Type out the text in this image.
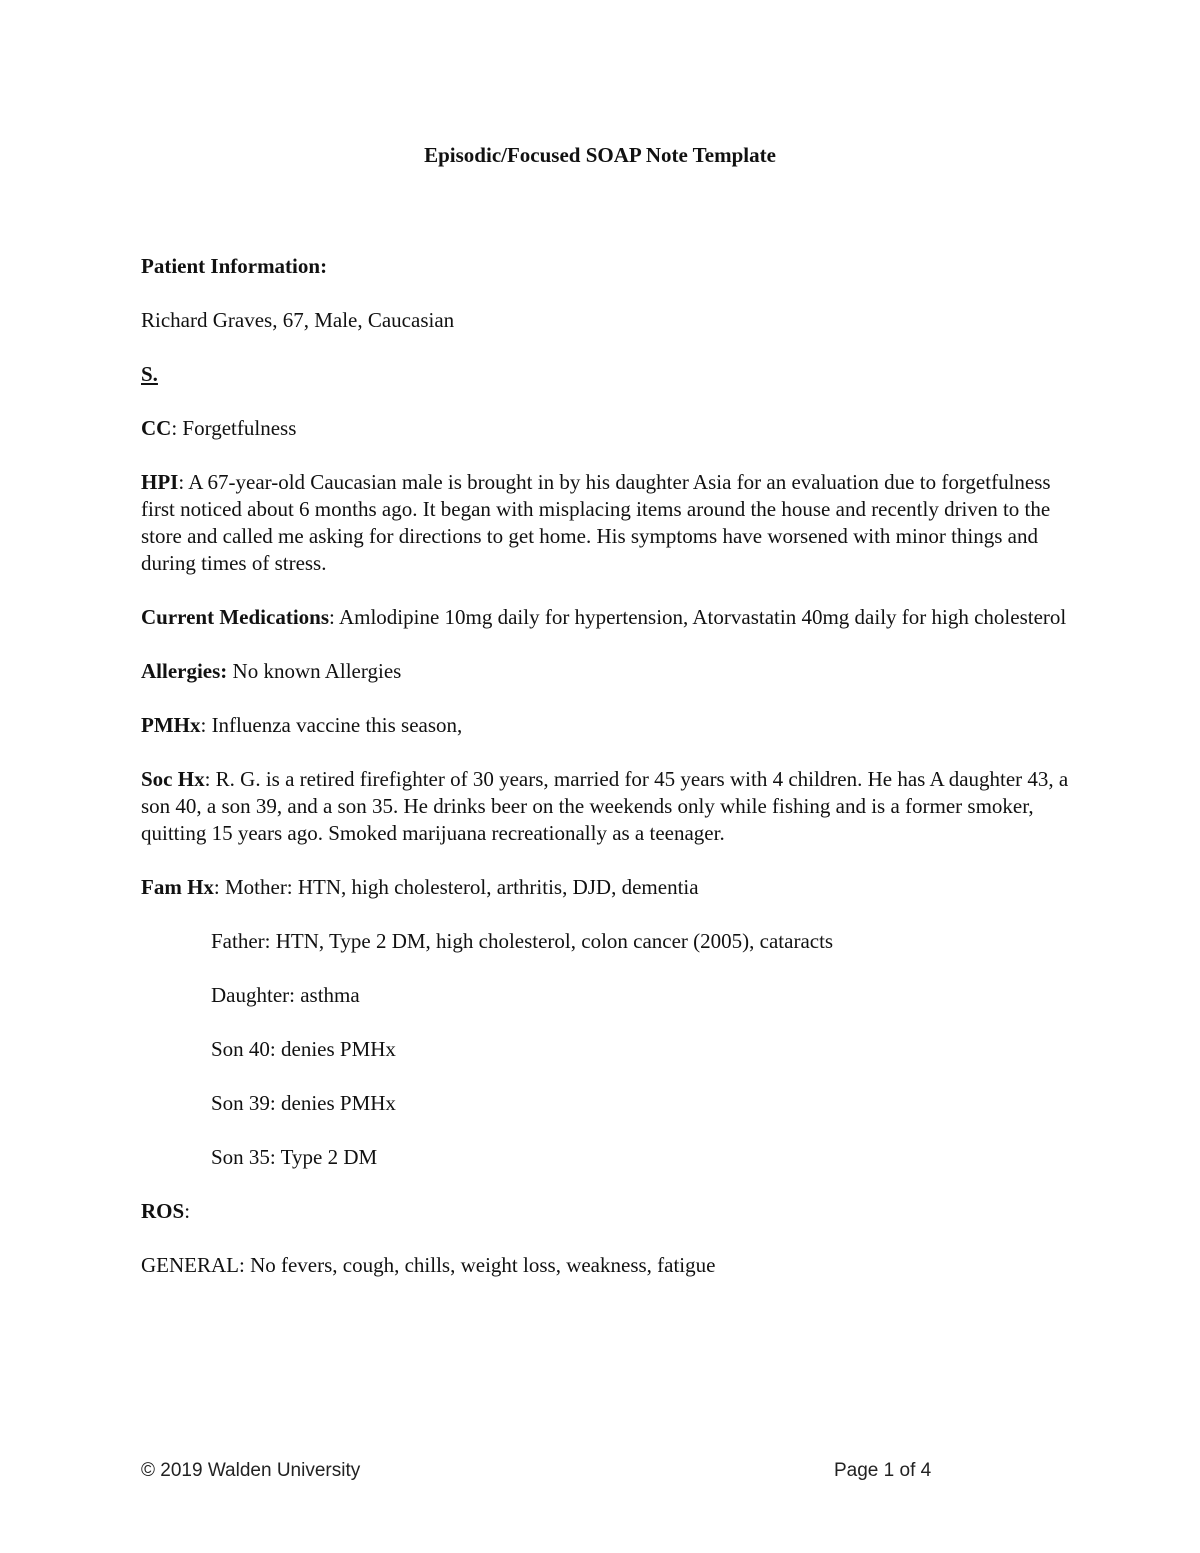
Episodic/Focused SOAP Note Template

Patient Information:

Richard Graves, 67, Male, Caucasian

S.

CC: Forgetfulness

HPI: A 67-year-old Caucasian male is brought in by his daughter Asia for an evaluation due to forgetfulness first noticed about 6 months ago. It began with misplacing items around the house and recently driven to the store and called me asking for directions to get home. His symptoms have worsened with minor things and during times of stress.

Current Medications: Amlodipine 10mg daily for hypertension, Atorvastatin 40mg daily for high cholesterol

Allergies: No known Allergies

PMHx: Influenza vaccine this season,

Soc Hx: R. G. is a retired firefighter of 30 years, married for 45 years with 4 children. He has A daughter 43, a son 40, a son 39, and a son 35. He drinks beer on the weekends only while fishing and is a former smoker, quitting 15 years ago. Smoked marijuana recreationally as a teenager.

Fam Hx: Mother: HTN, high cholesterol, arthritis, DJD, dementia

Father: HTN, Type 2 DM, high cholesterol, colon cancer (2005), cataracts

Daughter: asthma

Son 40: denies PMHx

Son 39: denies PMHx

Son 35: Type 2 DM

ROS:

GENERAL: No fevers, cough, chills, weight loss, weakness, fatigue

© 2019 Walden University	Page 1 of 4
